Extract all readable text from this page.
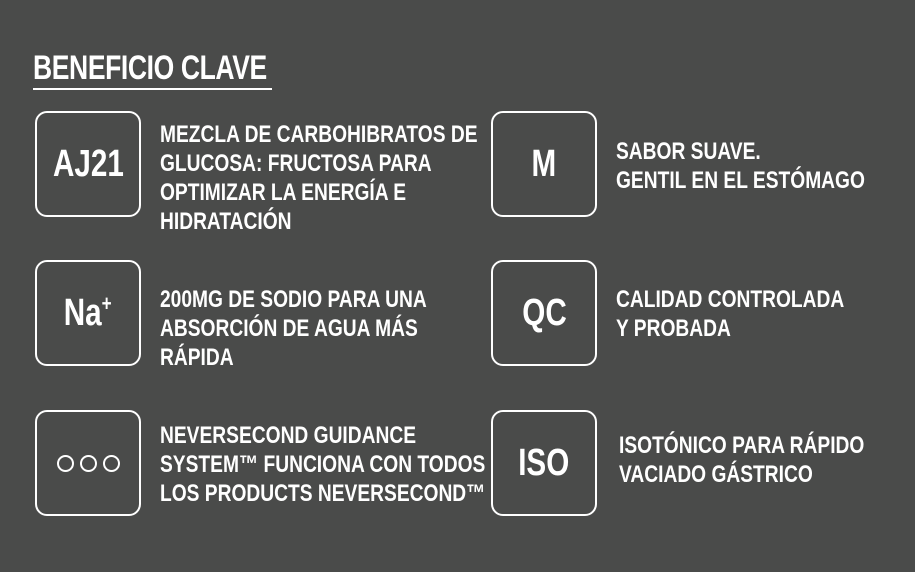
BENEFICIO CLAVE
AJ21
MEZCLA DE CARBOHIBRATOS DE
GLUCOSA: FRUCTOSA PARA
OPTIMIZAR LA ENERGÍA E
HIDRATACIÓN
M SABOR SUAVE.
GENTIL EN EL ESTÓMAGO
Na+ 200MG DE SODIO PARA UNA
ABSORCIÓN DE AGUA MÁS
RÁPIDA
QC CALIDAD CONTROLADA
Y PROBADA
NEVERSECOND GUIDANCE
SYSTEM™ FUNCIONA CON TODOS
LOS PRODUCTS NEVERSECOND™
ISO ISOTÓNICO PARA RÁPIDO
VACIADO GÁSTRICO
